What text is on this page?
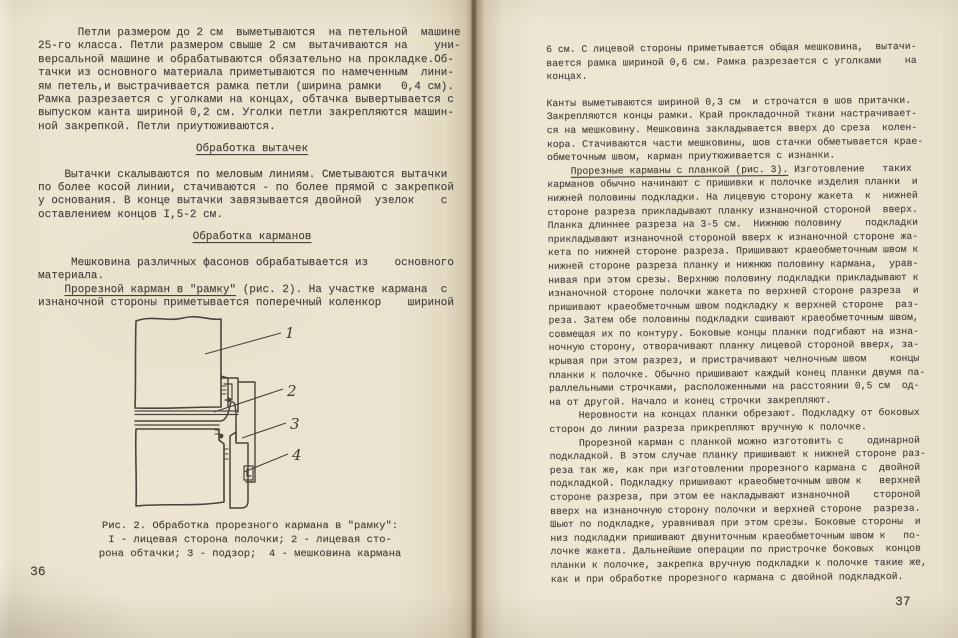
Петли размером до 2 см  выметываются  на петельной  машине
25-го класса. Петли размером свыше 2 см  вытачиваются на    уни-
версальной машине и обрабатываются обязательно на прокладке.Об-
тачки из основного материала приметываются по намеченным  лини-
ям петель,и выстрачивается рамка петли (ширина рамки   0,4 см).
Рамка разрезается с уголками на концах, обтачка вывертывается с
выпуском канта шириной 0,2 см. Уголки петли закрепляются машин-
ной закрепкой. Петли приутюживаются.
Обработка вытачек
Вытачки скалываются по меловым линиям. Сметываются вытачки
по более косой линии, стачиваются - по более прямой с закрепкой
у основания. В конце вытачки завязывается двойной  узелок    с
оставлением концов I,5-2 см.
Обработка карманов
Мешковина различных фасонов обрабатывается из    основного
материала.
Прорезной карман в "рамку" (рис. 2). На участке кармана  с
изнаночной стороны приметывается поперечный коленкор    шириной
1
2
3
4
Рис. 2. Обработка прорезного кармана в "рамку":
I - лицевая сторона полочки; 2 - лицевая сто-
рона обтачки; 3 - подзор;  4 - мешковина кармана
36
6 см. С лицевой стороны приметывается общая мешковина,  вытачи-
вается рамка шириной 0,6 см. Рамка разрезается с уголками    на
концах.
Канты выметываются шириной 0,3 см  и строчатся в шов притачки.
Закрепляются концы рамки. Край прокладочной ткани настрачивает-
ся на мешковину. Мешковина закладывается вверх до среза  колен-
кора. Стачиваются части мешковины, шов стачки обметывается крае-
обметочным швом, карман приутюживается с изнанки.
Прорезные карманы с планкой (рис. 3). Изготовление   таких
карманов обычно начинают с пришивки к полочке изделия планки  и
нижней половины подкладки. На лицевую сторону жакета  к  нижней
стороне разреза прикладывают планку изнаночной стороной  вверх.
Планка длиннее разреза на 3-5 см.  Нижнюю половину    подкладки
прикладывают изнаночной стороной вверх к изнаночной стороне жа-
кета по нижней стороне разреза. Пришивают краеобметочным швом к
нижней стороне разреза планку и нижнюю половину кармана,  урав-
нивая при этом срезы. Верхнюю половину подкладки прикладывают к
изнаночной стороне полочки жакета по верхней стороне разреза  и
пришивают краеобметочным швом подкладку к верхней стороне  раз-
реза. Затем обе половины подкладки сшивают краеобметочным швом,
совмещая их по контуру. Боковые концы планки подгибают на изна-
ночную сторону, отворачивают планку лицевой стороной вверх, за-
крывая при этом разрез, и пристрачивают челночным швом    концы
планки к полочке. Обычно пришивают каждый конец планки двумя па-
раллельными строчками, расположенными на расстоянии 0,5 см  од-
на от другой. Начало и конец строчки закрепляют.
Неровности на концах планки обрезают. Подкладку от боковых
сторон до линии разреза прикрепляют вручную к полочке.
Прорезной карман с планкой можно изготовить с    одинарной
подкладкой. В этом случае планку пришивают к нижней стороне раз-
реза так же, как при изготовлении прорезного кармана с  двойной
подкладкой. Подкладку пришивают краеобметочным швом к   верхней
стороне разреза, при этом ее накладывают изнаночной    стороной
вверх на изнаночную сторону полочки и верхней стороне  разреза.
Шьют по подкладке, уравнивая при этом срезы. Боковые стороны  и
низ подкладки пришивают двуниточным краеобметочным швом к   по-
лочке жакета. Дальнейшие операции по пристрочке боковых  концов
планки к полочке, закрепка вручную подкладки к полочке такие же,
как и при обработке прорезного кармана с двойной подкладкой.
37
